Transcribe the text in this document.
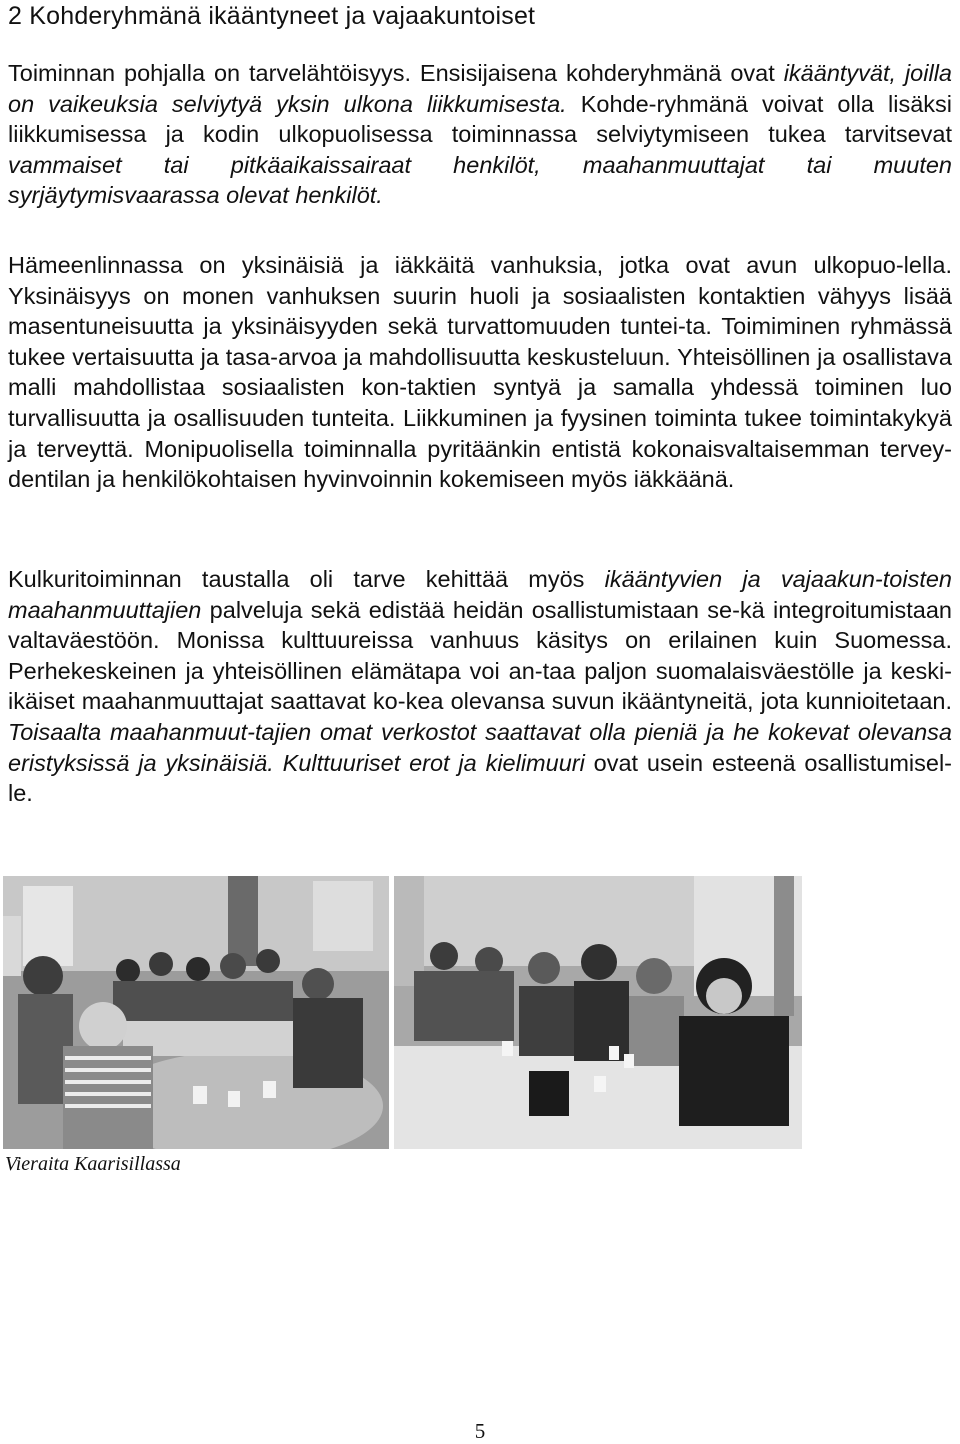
2 Kohderyhmänä ikääntyneet ja vajaakuntoiset

Toiminnan pohjalla on tarvelähtöisyys. Ensisijaisena kohderyhmänä ovat ikääntyvät, joilla on vaikeuksia selviytyä yksin ulkona liikkumisesta. Kohde-ryhmänä voivat olla lisäksi liikkumisessa ja kodin ulkopuolisessa toiminnassa selviytymiseen tukea tarvitsevat vammaiset tai pitkäaikaissairaat henkilöt, maahanmuuttajat tai muuten syrjäytymisvaarassa olevat henkilöt.

Hämeenlinnassa on yksinäisiä ja iäkkäitä vanhuksia, jotka ovat avun ulkopuo-lella. Yksinäisyys on monen vanhuksen suurin huoli ja sosiaalisten kontaktien vähyys lisää masentuneisuutta ja yksinäisyyden sekä turvattomuuden tuntei-ta. Toimiminen ryhmässä tukee vertaisuutta ja tasa-arvoa ja mahdollisuutta keskusteluun. Yhteisöllinen ja osallistava malli mahdollistaa sosiaalisten kon-taktien syntyä ja samalla yhdessä toiminen luo turvallisuutta ja osallisuuden tunteita. Liikkuminen ja fyysinen toiminta tukee toimintakykyä ja terveyttä. Monipuolisella toiminnalla pyritäänkin entistä kokonaisvaltaisemman tervey-dentilan ja henkilökohtaisen hyvinvoinnin kokemiseen myös iäkkäänä.

Kulkuritoiminnan taustalla oli tarve kehittää myös ikääntyvien ja vajaakun-toisten maahanmuuttajien palveluja sekä edistää heidän osallistumistaan se-kä integroitumistaan valtaväestöön. Monissa kulttuureissa vanhuus käsitys on erilainen kuin Suomessa. Perhekeskeinen ja yhteisöllinen elämätapa voi an-taa paljon suomalaisväestölle ja keski-ikäiset maahanmuuttajat saattavat ko-kea olevansa suvun ikääntyneitä, jota kunnioitetaan. Toisaalta maahanmuut-tajien omat verkostot saattavat olla pieniä ja he kokevat olevansa eristyksissä ja yksinäisiä. Kulttuuriset erot ja kielimuuri ovat usein esteenä osallistumisel-le.

Vieraita Kaarisillassa
5
